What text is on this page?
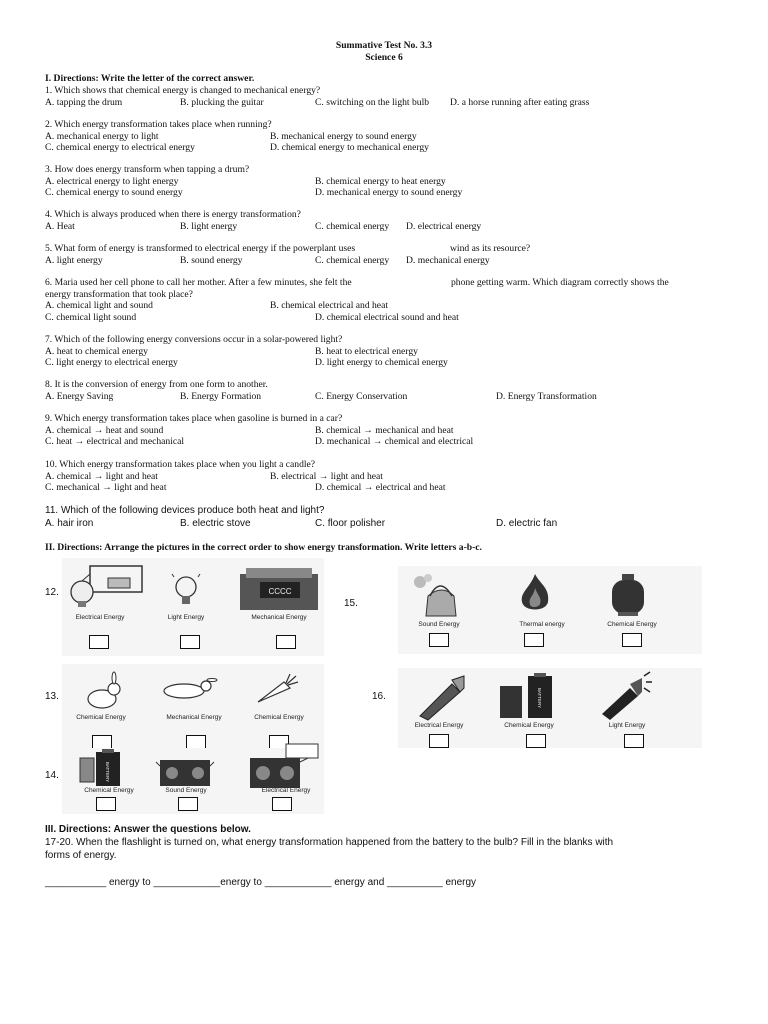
Summative Test No. 3.3
Science 6
I. Directions: Write the letter of the correct answer.
1. Which shows that chemical energy is changed to mechanical energy?
A. tapping the drum	B. plucking the guitar	C. switching on the light bulb D. a horse running after eating grass
2. Which energy transformation takes place when running?
A. mechanical energy to light	B. mechanical energy to sound energy
C. chemical energy to electrical energy	D. chemical energy to mechanical energy
3. How does energy transform when tapping a drum?
A. electrical energy to light energy	B. chemical energy to heat energy
C. chemical energy to sound energy	D. mechanical energy to sound energy
4. Which is always produced when there is energy transformation?
A. Heat	B. light energy	C. chemical energy D. electrical energy
5. What form of energy is transformed to electrical energy if the powerplant uses	wind as its resource?
A. light energy	B. sound energy	C. chemical energy D. mechanical energy
6. Maria used her cell phone to call her mother. After a few minutes, she felt the	phone getting warm. Which diagram correctly shows the
energy transformation that took place?
A. chemical light and sound	B. chemical electrical and heat
C. chemical light sound	D. chemical electrical sound and heat
7. Which of the following energy conversions occur in a solar-powered light?
A. heat to chemical energy	B. heat to electrical energy
C. light energy to electrical energy	D. light energy to chemical energy
8. It is the conversion of energy from one form to another.
A. Energy Saving	B. Energy Formation	C. Energy Conservation	D. Energy Transformation
9. Which energy transformation takes place when gasoline is burned in a car?
A. chemical → heat and sound	B. chemical → mechanical and heat
C. heat → electrical and mechanical	D. mechanical → chemical and electrical
10. Which energy transformation takes place when you light a candle?
A. chemical → light and heat	B. electrical → light and heat
C. mechanical → light and heat	D. chemical → electrical and heat
11. Which of the following devices produce both heat and light?
A. hair iron	B. electric stove	C. floor polisher	D. electric fan
II. Directions: Arrange the pictures in the correct order to show energy transformation. Write letters a-b-c.
12.
Electrical Energy	Light Energy
CCCC
Mechanical Energy
13.
Chemical Energy	Mechanical Energy	Chemical Energy
14.	BATTERY
Chemical Energy	Sound Energy	Electrical Energy
15.
Sound Energy	Thermal energy	Chemical Energy
16.
Electrical Energy
BATTERY
Chemical Energy	Light Energy
III. Directions: Answer the questions below.
17-20. When the flashlight is turned on, what energy transformation happened from the battery to the bulb? Fill in the blanks with
forms of energy.
___________ energy to ____________energy to ____________ energy and __________ energy
